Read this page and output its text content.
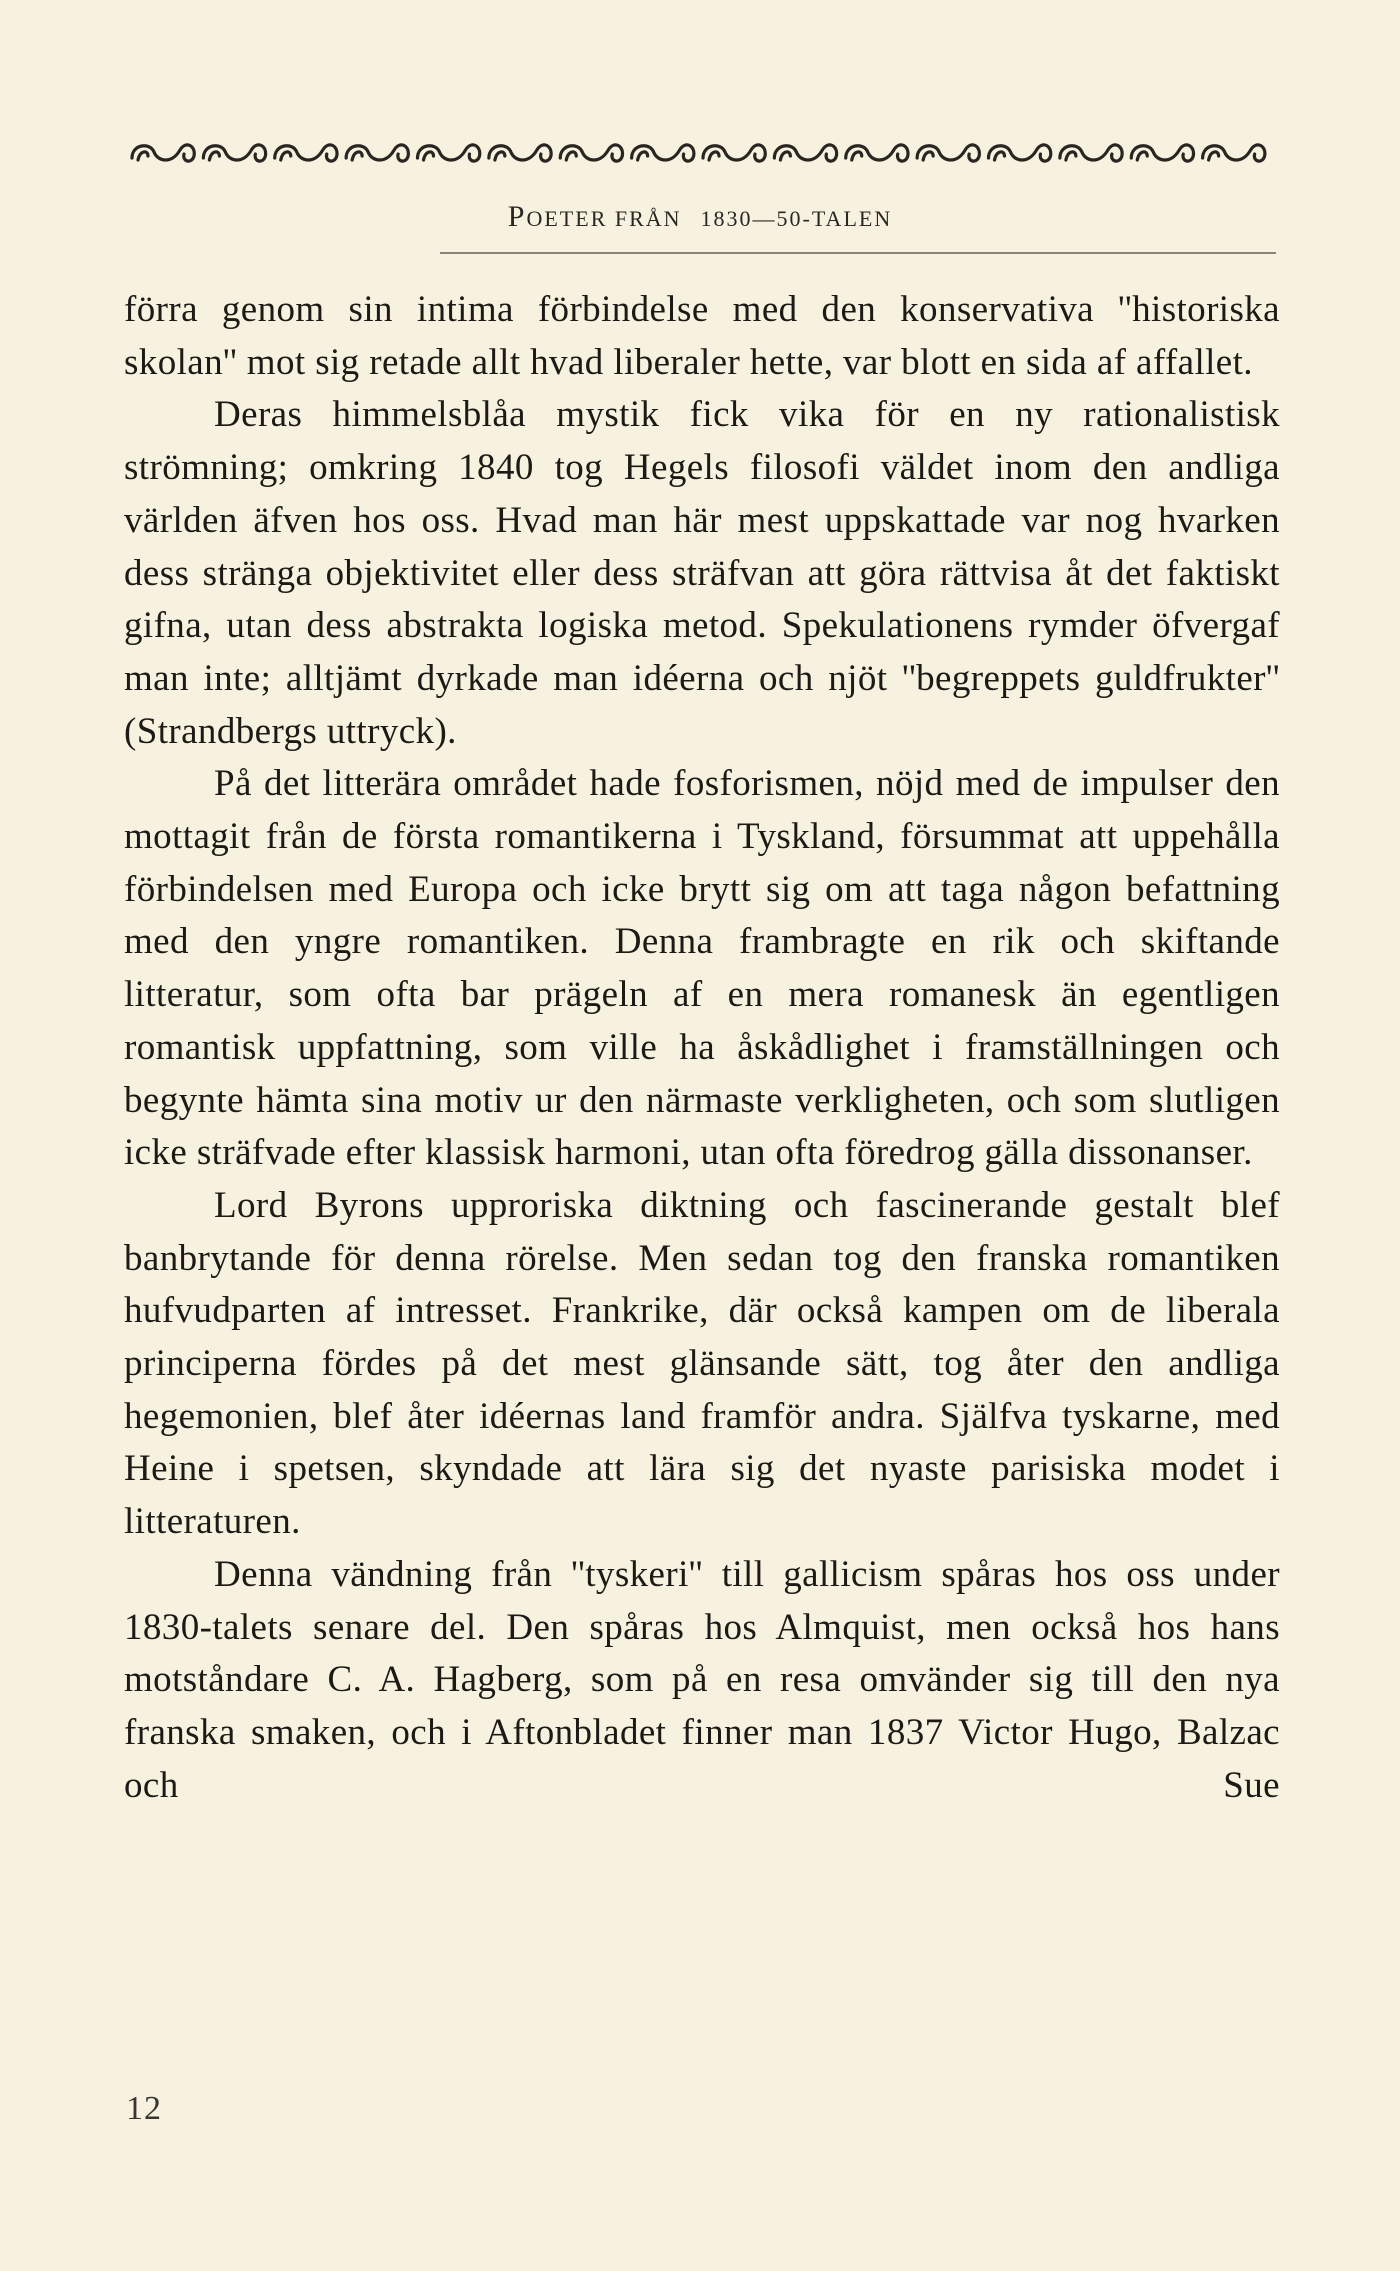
POETER FRÅN 1830—50-TALEN

förra genom sin intima förbindelse med den konservativa ''historiska skolan'' mot sig retade allt hvad liberaler hette, var blott en sida af affallet.

Deras himmelsblåa mystik fick vika för en ny rationalistisk strömning; omkring 1840 tog Hegels filosofi väldet inom den andliga världen äfven hos oss. Hvad man här mest uppskattade var nog hvarken dess stränga objektivitet eller dess sträfvan att göra rättvisa åt det faktiskt gifna, utan dess abstrakta logiska metod. Spekulationens rymder öfvergaf man inte; alltjämt dyrkade man idéerna och njöt ''begreppets guldfrukter'' (Strandbergs uttryck).

På det litterära området hade fosforismen, nöjd med de impulser den mottagit från de första romantikerna i Tyskland, försummat att uppehålla förbindelsen med Europa och icke brytt sig om att taga någon befattning med den yngre romantiken. Denna frambragte en rik och skiftande litteratur, som ofta bar prägeln af en mera romanesk än egentligen romantisk uppfattning, som ville ha åskådlighet i framställningen och begynte hämta sina motiv ur den närmaste verkligheten, och som slutligen icke sträfvade efter klassisk harmoni, utan ofta föredrog gälla dissonanser.

Lord Byrons upproriska diktning och fascinerande gestalt blef banbrytande för denna rörelse. Men sedan tog den franska romantiken hufvudparten af intresset. Frankrike, där också kampen om de liberala principerna fördes på det mest glänsande sätt, tog åter den andliga hegemonien, blef åter idéernas land framför andra. Själfva tyskarne, med Heine i spetsen, skyndade att lära sig det nyaste parisiska modet i litteraturen.

Denna vändning från ''tyskeri'' till gallicism spåras hos oss under 1830-talets senare del. Den spåras hos Almquist, men också hos hans motståndare C. A. Hagberg, som på en resa omvänder sig till den nya franska smaken, och i Aftonbladet finner man 1837 Victor Hugo, Balzac och Sue

12
